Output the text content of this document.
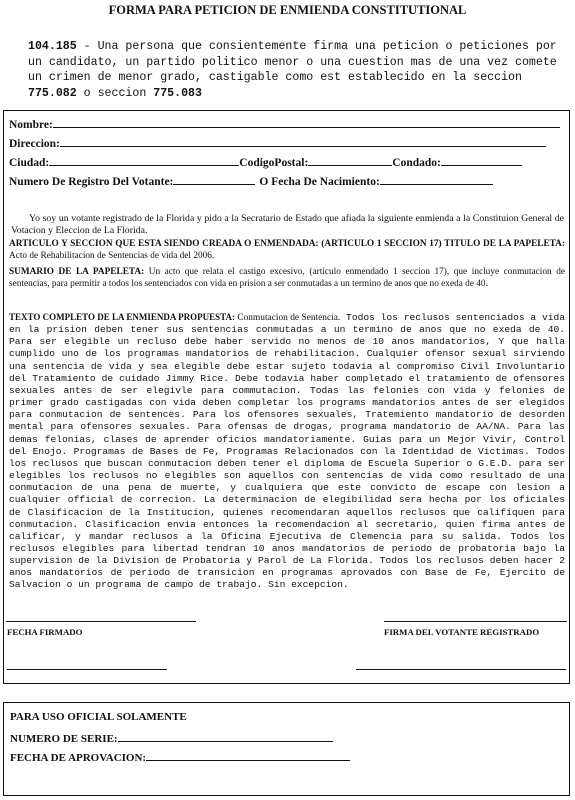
FORMA PARA PETICION DE ENMIENDA CONSTITUTIONAL
104.185 - Una persona que consientemente firma una peticion o peticiones por un candidato, un partido politico menor o una cuestion mas de una vez comete un crimen de menor grado, castigable como est establecido en la seccion 775.082 o seccion 775.083
Nombre:
Direccion:
Ciudad:	CodigoPostal:	Condado:
Numero De Registro Del Votante:	O Fecha De Nacimiento:
Yo soy un votante registrado de la Florida y pido a la Secratario de Estado que afiada la siguiente enmienda a la Constituion General de Votacion y Eleccion de La Florida.
ARTICULO Y SECCION QUE ESTA SIENDO CREADA O ENMENDADA: (ARTICULO 1 SECCION 17) TITULO DE LA PAPELETA: Acto de Rehabilitacion de Sentencias de vida del 2006.
SUMARIO DE LA PAPELETA: Un acto que relata el castigo excesivo, (articulo enmendado 1 seccion 17), que incluye conmutacion de sentencias, para permitir a todos los sentenciados con vida en prision a ser conmutadas a un termino de anos que no exeda de 40.
TEXTO COMPLETO DE LA ENMIENDA PROPUESTA: Conmutacion de Sentencia. Todos los reclusos sentenciados a vida en la prision deben tener sus sentencias conmutadas a un termino de anos que no exeda de 40. Para ser elegible un recluso debe haber servido no menos de 10 anos mandatorios, Y que halla cumplido uno de los programas mandatorios de rehabilitacion. Cualquier ofensor sexual sirviendo una sentencia de vida y sea elegible debe estar sujeto todavia al compromiso Civil Involuntario del Tratamiento de cuidado Jimmy Rice. Debe todavia haber completado el tratamiento de ofensores sexuales antes de ser elegivle para commutacion. Todas las felonies con vida y felonies de primer grado castigadas con vida deben completar los programs mandatorios antes de ser elegidos para conmutacion de sentences. Para los ofensores sexuales, Tratemiento mandatorio de desorden mental para ofensores sexuales. Para ofensas de drogas, programa mandatorio de AA/NA. Para las demas felonias, clases de aprender oficios mandatoriamente. Guias para un Mejor Vivir, Control del Enojo. Programas de Bases de Fe, Programas Relacionados con la Identidad de Victimas. Todos los reclusos que buscan conmutacion deben tener el diploma de Escuela Superior o G.E.D. para ser elegibles los reclusos no elegibles son aquellos con sentencias de vida como resultado de una conmutacion de una pena de muerte, y cualquiera que este convicto de escape con lesion a cualquier official de correcion. La determinacion de elegibilidad sera hecha por los oficiales de Clasificacion de la Institucion, quienes recomendaran aquellos reclusos que califiquen para conmutacion. Clasificacion envia entonces la recomendacion al secretario, quien firma antes de calificar, y mandar reclusos a la Oficina Ejecutiva de Clemencia para su salida. Todos los reclusos elegibles para libertad tendran 10 anos mandatorios de periodo de probatoria bajo la supervision de la Division de Probatoria y Parol de La Florida. Todos los reclusos deben hacer 2 anos mandatorios de periodo de transicion en programas aprovados con Base de Fe, Ejercito de Salvacion o un programa de campo de trabajo. Sin excepcion.
FECHA FIRMADO	FIRMA DEL VOTANTE REGISTRADO
PARA USO OFICIAL SOLAMENTE
NUMERO DE SERIE:
FECHA DE APROVACION:
